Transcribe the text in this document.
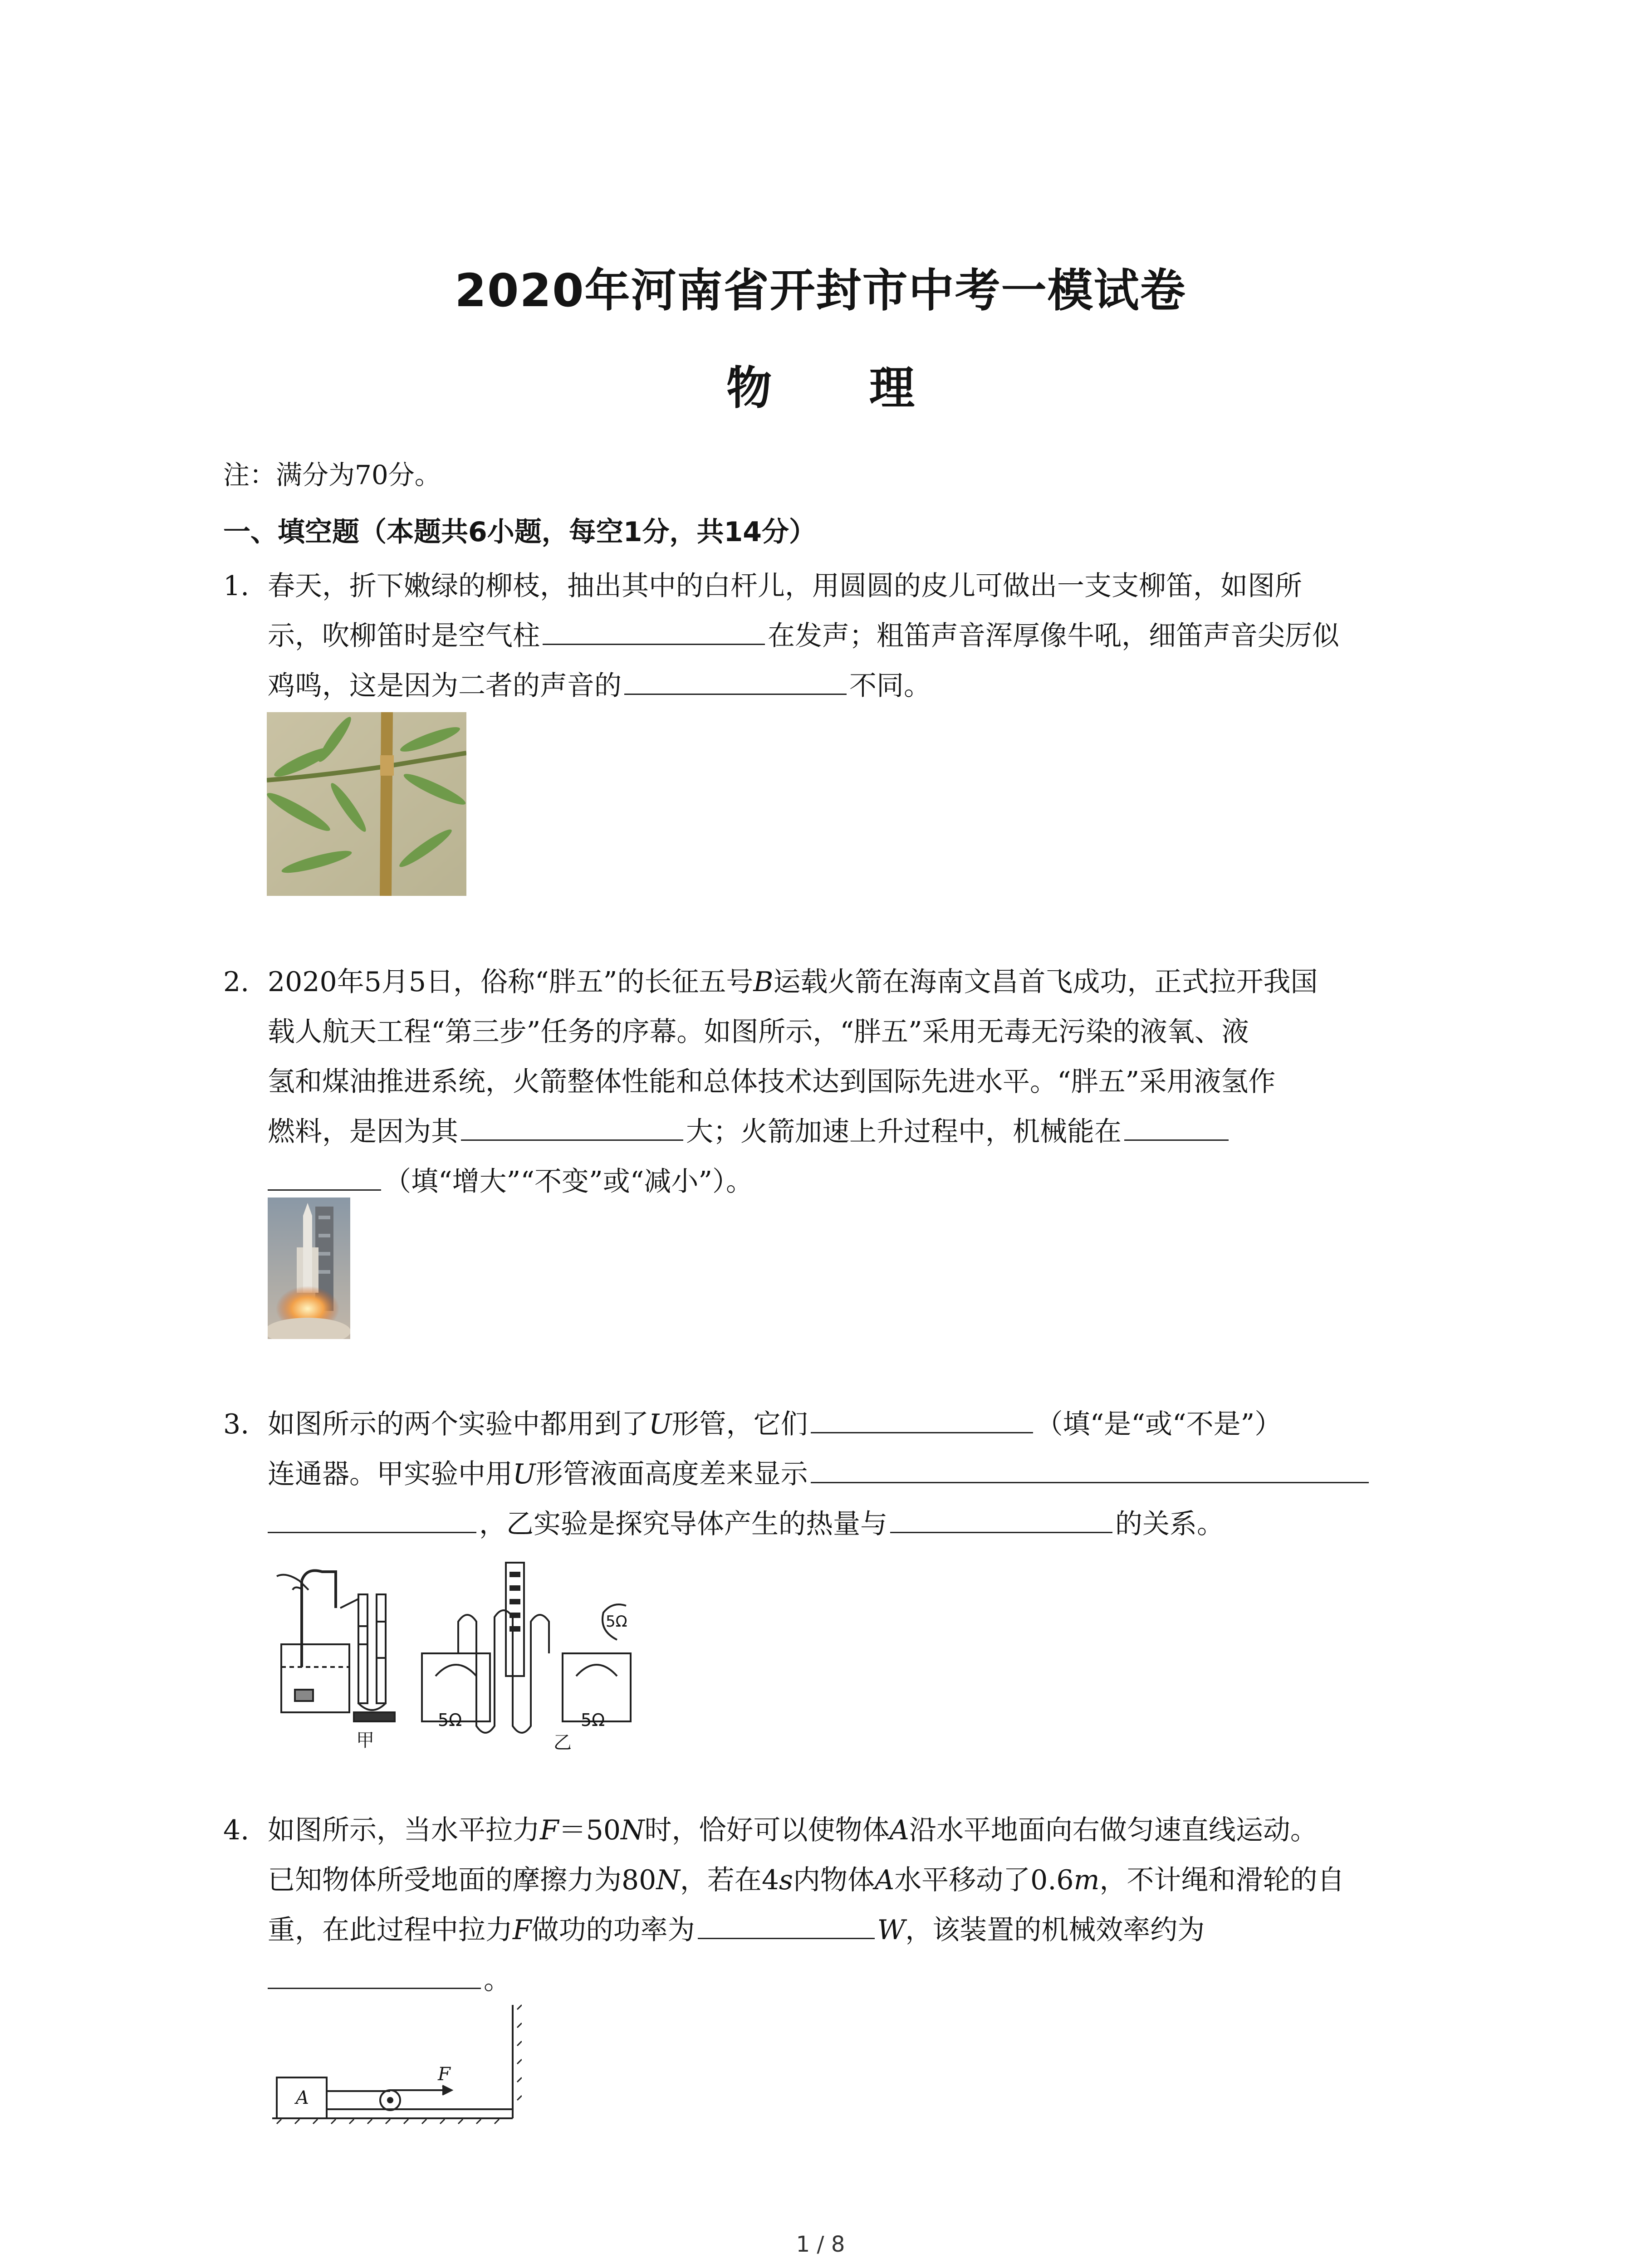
2020年河南省开封市中考一模试卷
物 理
注：满分为70分。
一、填空题（本题共6小题，每空1分，共14分）
1. 春天，折下嫩绿的柳枝，抽出其中的白杆儿，用圆圆的皮儿可做出一支支柳笛，如图所
示，吹柳笛时是空气柱	在发声；粗笛声音浑厚像牛吼，细笛声音尖厉似
鸡鸣，这是因为二者的声音的	不同。
2. 2020年5月5日，俗称“胖五”的长征五号B运载火箭在海南文昌首飞成功，正式拉开我国
载人航天工程“第三步”任务的序幕。如图所示，“胖五”采用无毒无污染的液氧、液
氢和煤油推进系统，火箭整体性能和总体技术达到国际先进水平。“胖五”采用液氢作
燃料，是因为其	大；火箭加速上升过程中，机械能在
（填“增大”“不变”或“减小”）。
3. 如图所示的两个实验中都用到了U形管，它们	（填“是“或“不是”）
连通器。甲实验中用U形管液面高度差来显示
，乙实验是探究导体产生的热量与	的关系。
5Ω	5Ω
5Ω
甲	乙
4. 如图所示，当水平拉力F＝50N时，恰好可以使物体A沿水平地面向右做匀速直线运动。
已知物体所受地面的摩擦力为80N，若在4s内物体A水平移动了0.6m，不计绳和滑轮的自
重，在此过程中拉力F做功的功率为	W，该装置的机械效率约为
。
A
F
1 / 8
